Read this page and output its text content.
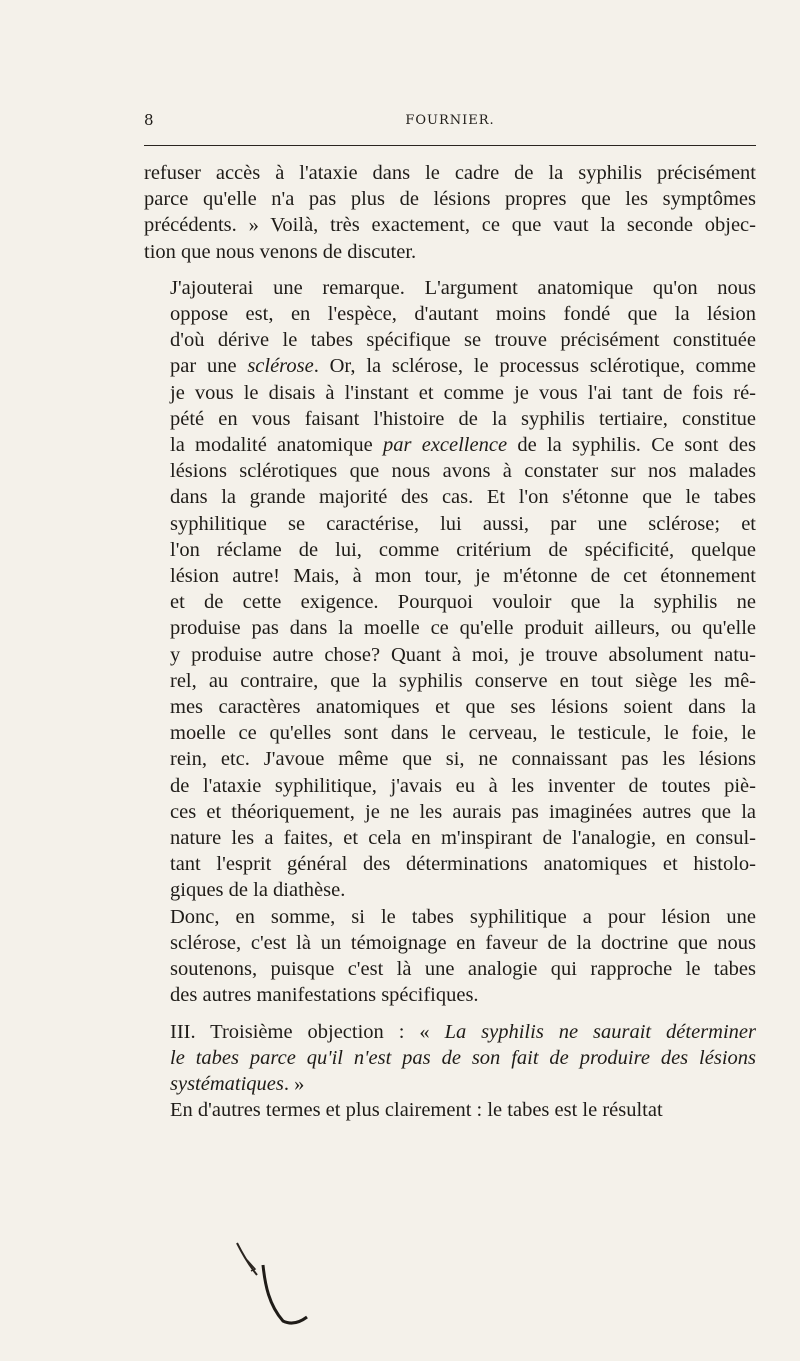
8	FOURNIER.

refuser accès à l'ataxie dans le cadre de la syphilis précisément
parce qu'elle n'a pas plus de lésions propres que les symptômes
précédents. » Voilà, très exactement, ce que vaut la seconde objec-
tion que nous venons de discuter.

J'ajouterai une remarque. L'argument anatomique qu'on nous
oppose est, en l'espèce, d'autant moins fondé que la lésion
d'où dérive le tabes spécifique se trouve précisément constituée
par une sclérose. Or, la sclérose, le processus sclérotique, comme
je vous le disais à l'instant et comme je vous l'ai tant de fois ré-
pété en vous faisant l'histoire de la syphilis tertiaire, constitue
la modalité anatomique par excellence de la syphilis. Ce sont des
lésions sclérotiques que nous avons à constater sur nos malades
dans la grande majorité des cas. Et l'on s'étonne que le tabes
syphilitique se caractérise, lui aussi, par une sclérose; et
l'on réclame de lui, comme critérium de spécificité, quelque
lésion autre! Mais, à mon tour, je m'étonne de cet étonnement
et de cette exigence. Pourquoi vouloir que la syphilis ne
produise pas dans la moelle ce qu'elle produit ailleurs, ou qu'elle
y produise autre chose? Quant à moi, je trouve absolument natu-
rel, au contraire, que la syphilis conserve en tout siège les mê-
mes caractères anatomiques et que ses lésions soient dans la
moelle ce qu'elles sont dans le cerveau, le testicule, le foie, le
rein, etc. J'avoue même que si, ne connaissant pas les lésions
de l'ataxie syphilitique, j'avais eu à les inventer de toutes piè-
ces et théoriquement, je ne les aurais pas imaginées autres que la
nature les a faites, et cela en m'inspirant de l'analogie, en consul-
tant l'esprit général des déterminations anatomiques et histolo-
giques de la diathèse.

Donc, en somme, si le tabes syphilitique a pour lésion une
sclérose, c'est là un témoignage en faveur de la doctrine que nous
soutenons, puisque c'est là une analogie qui rapproche le tabes
des autres manifestations spécifiques.

III. Troisième objection : « La syphilis ne saurait déterminer
le tabes parce qu'il n'est pas de son fait de produire des lésions
systématiques. »

En d'autres termes et plus clairement : le tabes est le résultat
